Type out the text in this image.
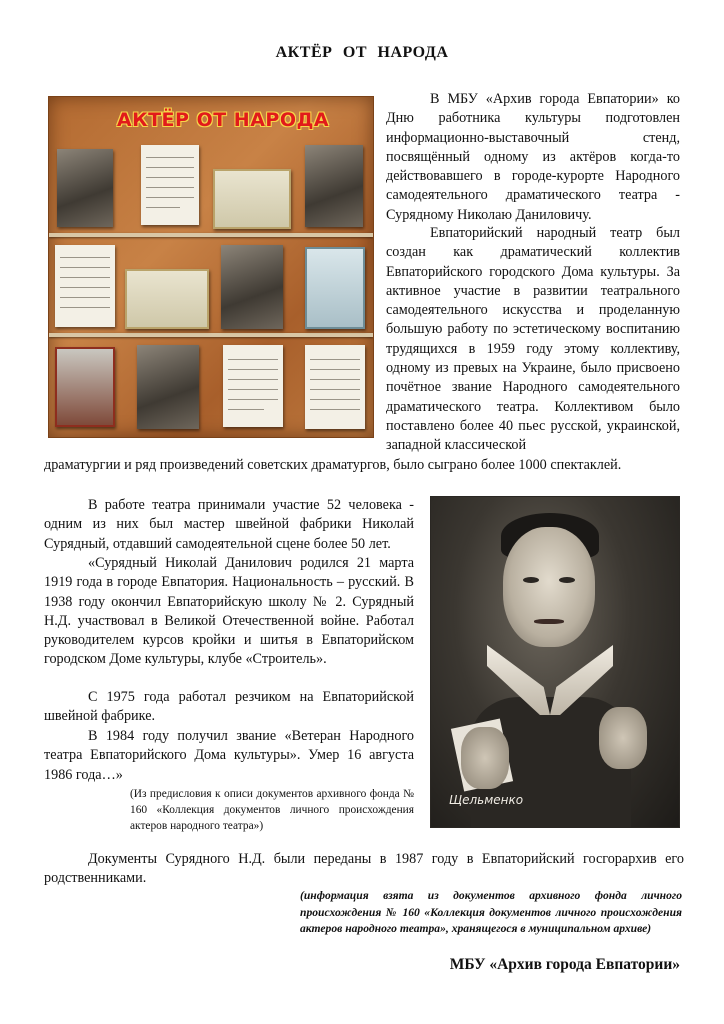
АКТЁР ОТ НАРОДА
АКТЁР ОТ НАРОДА

В МБУ «Архив города Евпатории» ко Дню работника культуры подготовлен информационно-выставочный стенд, посвящённый одному из актёров когда-то действовавшего в городе-курорте Народного самодеятельного драматического театра - Сурядному Николаю Даниловичу.

Евпаторийский народный театр был создан как драматический коллектив Евпаторийского городского Дома культуры. За активное участие в развитии театрального самодеятельного искусства и проделанную большую работу по эстетическому воспитанию трудящихся в 1959 году этому коллективу, одному из превых на Украине, было присвоено почётное звание Народного самодеятельного драматического театра. Коллективом было поставлено более 40 пьес русской, украинской, западной классической

драматургии и ряд произведений советских драматургов, было сыграно более 1000 спектаклей.

В работе театра принимали участие 52 человека - одним из них был мастер швейной фабрики Николай Сурядный, отдавший самодеятельной сцене более 50 лет.

«Сурядный Николай Данилович родился 21 марта 1919 года в городе Евпатория. Национальность – русский. В 1938 году окончил Евпаторийскую школу № 2. Сурядный Н.Д. участвовал в Великой Отечественной войне. Работал руководителем курсов кройки и шитья в Евпаторийском городском Доме культуры, клубе «Строитель».

С 1975 года работал резчиком на Евпаторийской швейной фабрике.

В 1984 году получил звание «Ветеран Народного театра Евпаторийского Дома культуры». Умер 16 августа 1986 года…»

(Из предисловия к описи документов архивного фонда № 160 «Коллекция документов личного происхождения актеров народного театра»)

Щельменко

Документы Сурядного Н.Д. были переданы в 1987 году в Евпаторийский госгорархив его родственниками.

(информация взята из документов архивного фонда личного происхождения № 160 «Коллекция документов личного происхождения актеров народного театра», хранящегося в муниципальном архиве)

МБУ «Архив города Евпатории»
